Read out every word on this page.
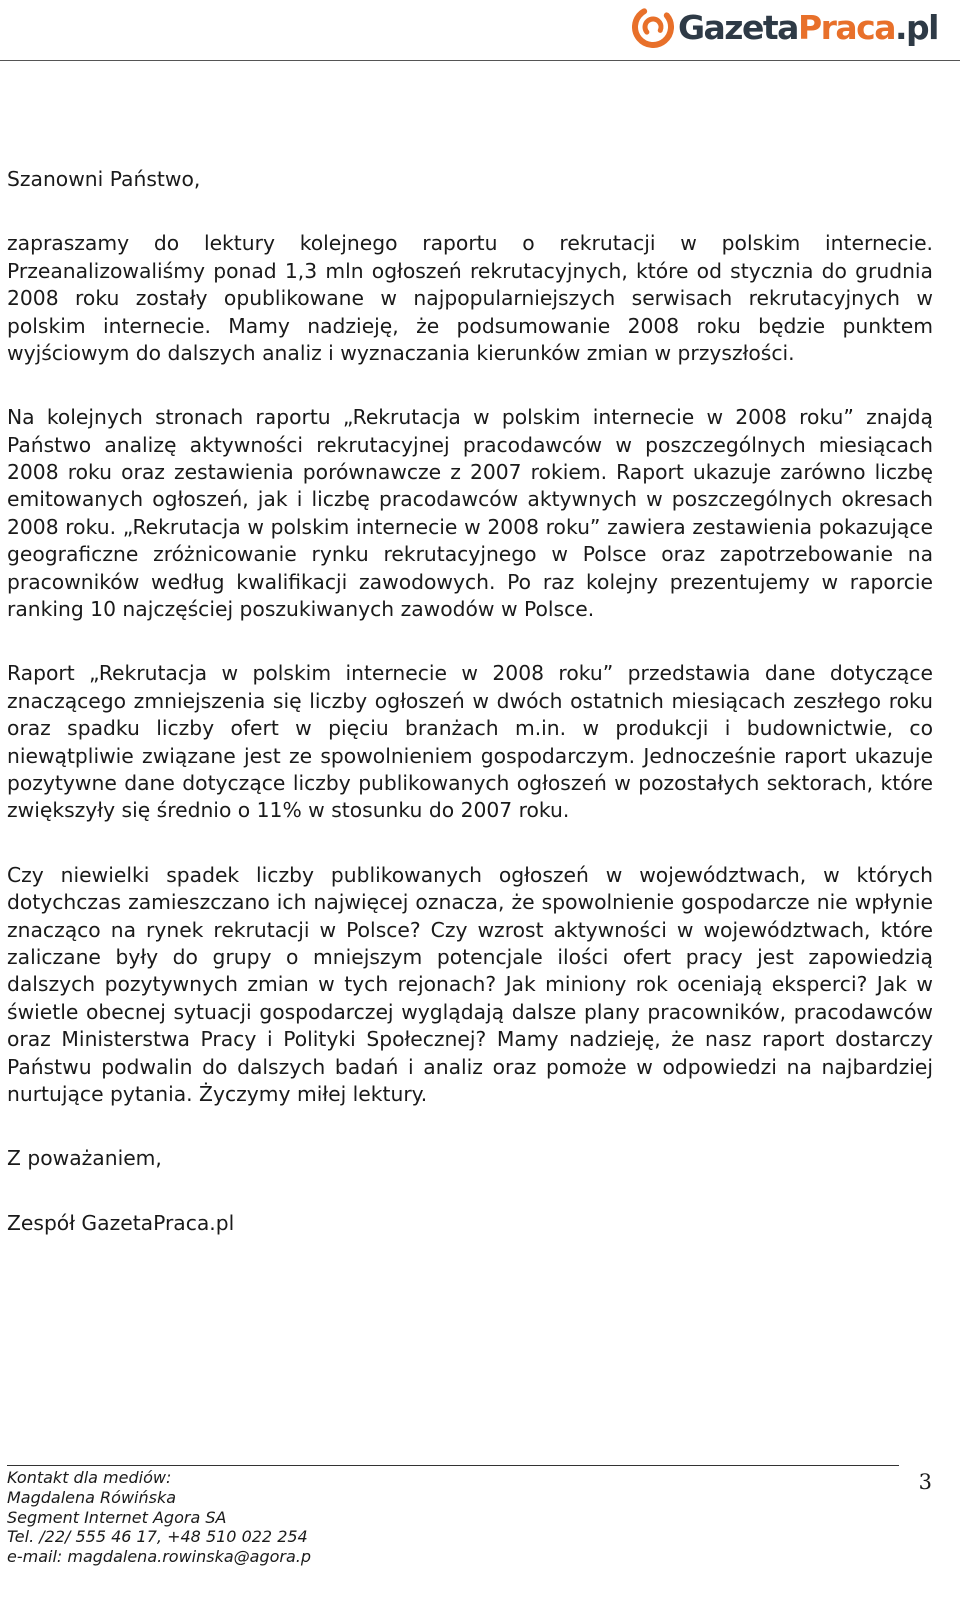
GazetaPraca.pl

Szanowni Państwo,

zapraszamy do lektury kolejnego raportu o rekrutacji w polskim internecie. Przeanalizowaliśmy ponad 1,3 mln ogłoszeń rekrutacyjnych, które od stycznia do grudnia 2008 roku zostały opublikowane w najpopularniejszych serwisach rekrutacyjnych w polskim internecie. Mamy nadzieję, że podsumowanie 2008 roku będzie punktem wyjściowym do dalszych analiz i wyznaczania kierunków zmian w przyszłości.

Na kolejnych stronach raportu „Rekrutacja w polskim internecie w 2008 roku” znajdą Państwo analizę aktywności rekrutacyjnej pracodawców w poszczególnych miesiącach 2008 roku oraz zestawienia porównawcze z 2007 rokiem. Raport ukazuje zarówno liczbę emitowanych ogłoszeń, jak i liczbę pracodawców aktywnych w poszczególnych okresach 2008 roku. „Rekrutacja w polskim internecie w 2008 roku” zawiera zestawienia pokazujące geograficzne zróżnicowanie rynku rekrutacyjnego w Polsce oraz zapotrzebowanie na pracowników według kwalifikacji zawodowych. Po raz kolejny prezentujemy w raporcie ranking 10 najczęściej poszukiwanych zawodów w Polsce.

Raport „Rekrutacja w polskim internecie w 2008 roku” przedstawia dane dotyczące znaczącego zmniejszenia się liczby ogłoszeń w dwóch ostatnich miesiącach zeszłego roku oraz spadku liczby ofert w pięciu branżach m.in. w produkcji i budownictwie, co niewątpliwie związane jest ze spowolnieniem gospodarczym. Jednocześnie raport ukazuje pozytywne dane dotyczące liczby publikowanych ogłoszeń w pozostałych sektorach, które zwiększyły się średnio o 11% w stosunku do 2007 roku.

Czy niewielki spadek liczby publikowanych ogłoszeń w województwach, w których dotychczas zamieszczano ich najwięcej oznacza, że spowolnienie gospodarcze nie wpłynie znacząco na rynek rekrutacji w Polsce? Czy wzrost aktywności w województwach, które zaliczane były do grupy o mniejszym potencjale ilości ofert pracy jest zapowiedzią dalszych pozytywnych zmian w tych rejonach? Jak miniony rok oceniają eksperci? Jak w świetle obecnej sytuacji gospodarczej wyglądają dalsze plany pracowników, pracodawców oraz Ministerstwa Pracy i Polityki Społecznej? Mamy nadzieję, że nasz raport dostarczy Państwu podwalin do dalszych badań i analiz oraz pomoże w odpowiedzi na najbardziej nurtujące pytania. Życzymy miłej lektury.

Z poważaniem,

Zespół GazetaPraca.pl

Kontakt dla mediów:
Magdalena Rówińska
Segment Internet Agora SA
Tel. /22/ 555 46 17, +48 510 022 254
e-mail: magdalena.rowinska@agora.p
3
